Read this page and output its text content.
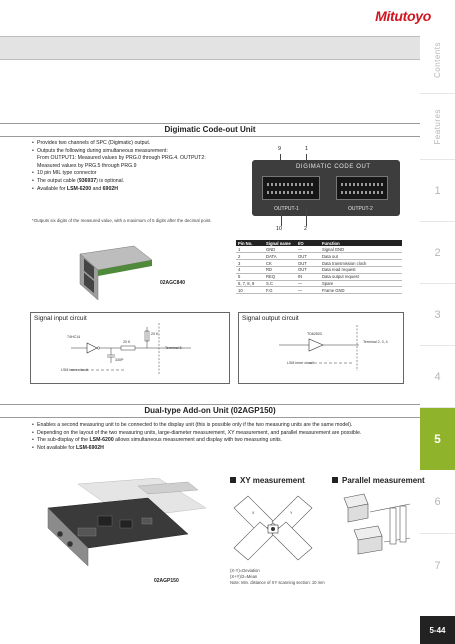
Mitutoyo
Contents
Features
1
2
3
4
5
6
7
Digimatic Code-out Unit
• Provides two channels of SPC (Digimatic) output.
• Outputs the following during simultaneous measurement:
From OUTPUT1: Measured values by PRG.0 through PRG.4. OUTPUT2:
Measured values by PRG.5 through PRG.9
• 10 pin MIL type connector
• The output cable (936937) is optional.
• Available for LSM-6200 and 6902H
*Outputs six digits of the measured value, with a maximum of 5 digits after the decimal point.
9	1
DIGIMATIC CODE OUT
OUTPUT-1	OUTPUT-2
10	2
Pin No.	Signal name	I/O	Function
1	GND	—	Signal GND
2	DATA	OUT	Data out
3	CK	OUT	Data transmission clock
4	RD	OUT	Data read request
5	REQ	IN	Data output request
6, 7, 8, 9	S.C	—	Spare
10	F.G	—	Frame GND
02AGC840
Signal input circuit
74HC14
20 K
20 K
330P
Terminal 5
LSM inner circuit
Signal output circuit
TD62503
Terminal 2, 3, 4
LSM inner circuit
Dual-type Add-on Unit (02AGP150)
• Enables a second measuring unit to be connected to the display unit (this is possible only if the two measuring units are the same model).
• Depending on the layout of the two measuring units, large-diameter measurement, XY measurement, and parallel measurement are possible.
• The sub-display of the LSM-6200 allows simultaneous measurement and display with two measuring units.
• Not available for LSM-6902H
02AGP150
XY measurement
X	Y
(X-Y)=Deviation
(X+Y)/2=Mean
Note: Min. distance of XY scanning section: 10 mm
Parallel measurement
5-44
